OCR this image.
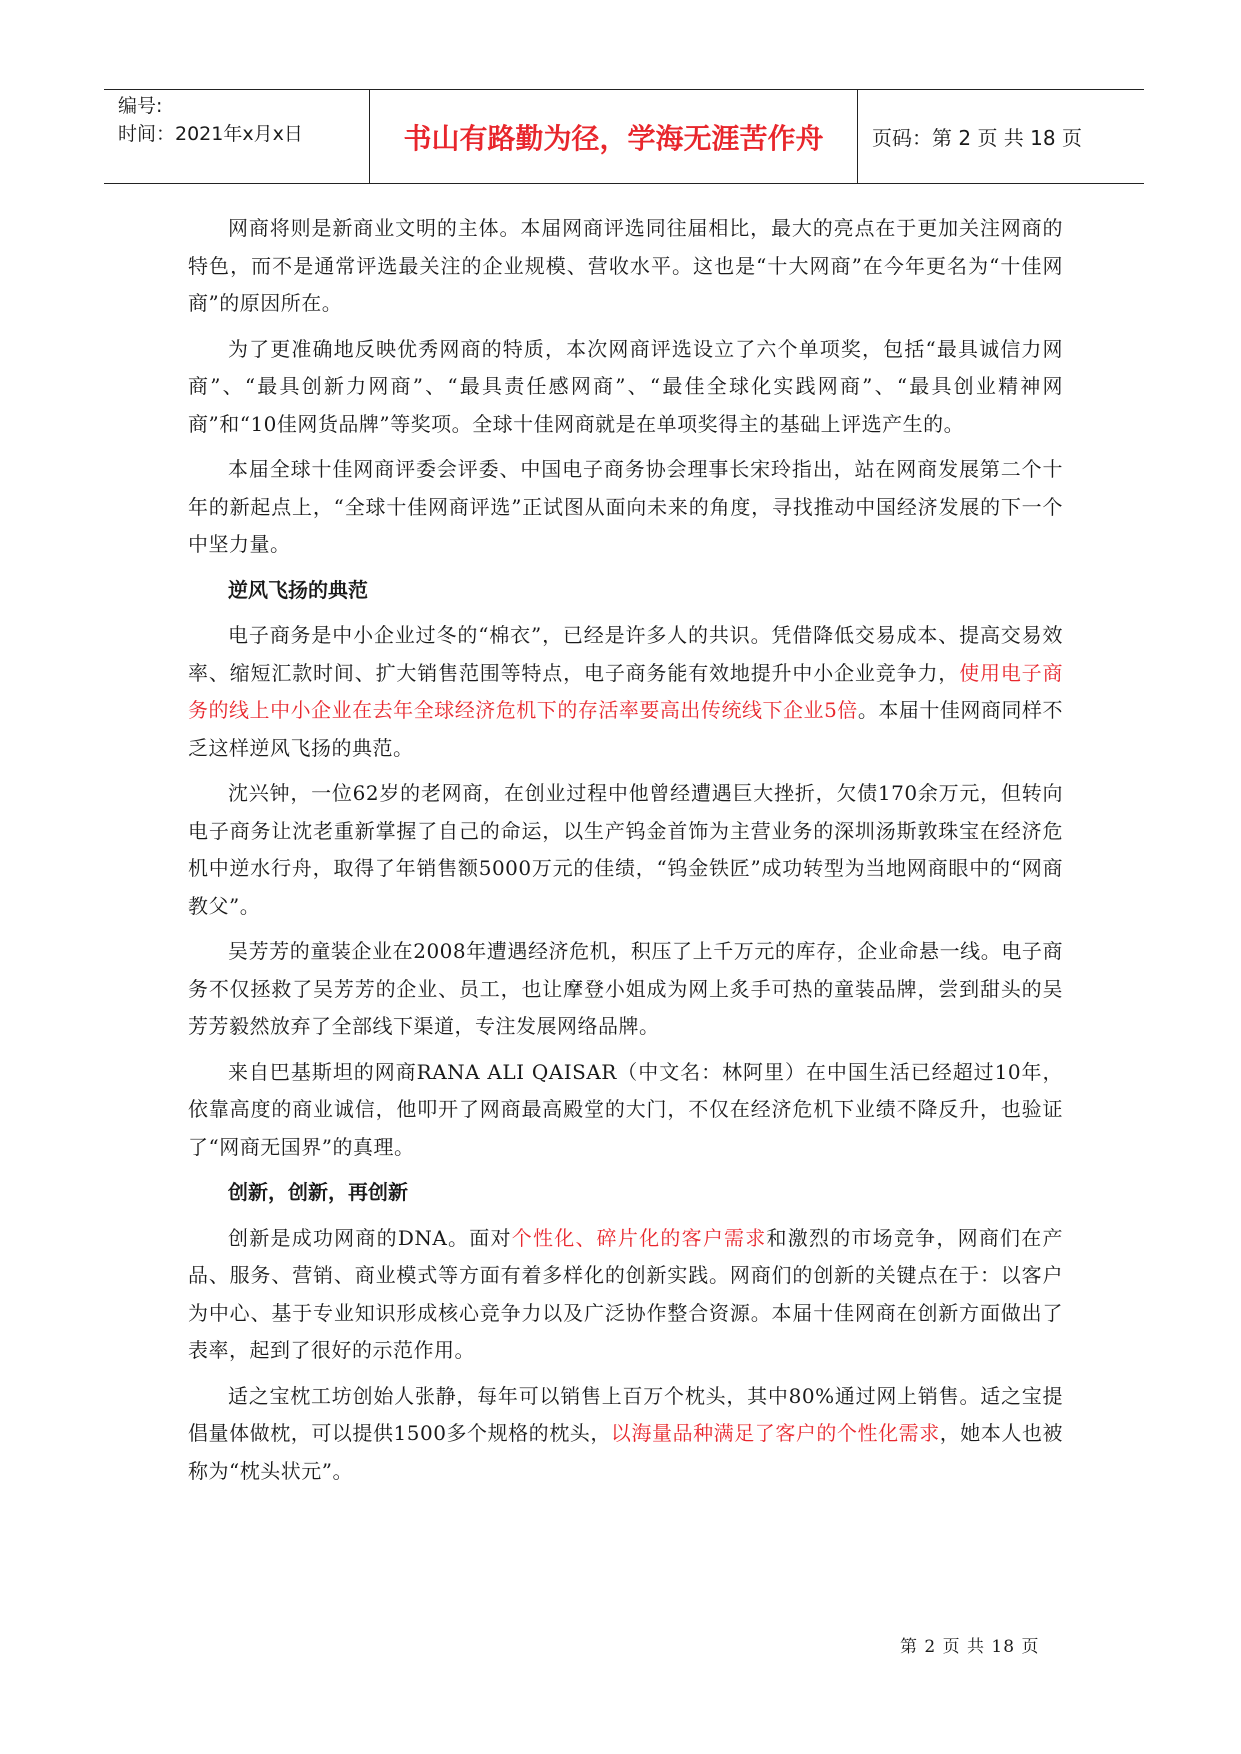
编号:
时间：2021年x月x日	书山有路勤为径，学海无涯苦作舟 页码：第 2 页 共 18 页

网商将则是新商业文明的主体。本届网商评选同往届相比，最大的亮点在于更加关注网商的特色，而不是通常评选最关注的企业规模、营收水平。这也是“十大网商”在今年更名为“十佳网商”的原因所在。

为了更准确地反映优秀网商的特质，本次网商评选设立了六个单项奖，包括“最具诚信力网商”、“最具创新力网商”、“最具责任感网商”、“最佳全球化实践网商”、“最具创业精神网商”和“10佳网货品牌”等奖项。全球十佳网商就是在单项奖得主的基础上评选产生的。

本届全球十佳网商评委会评委、中国电子商务协会理事长宋玲指出，站在网商发展第二个十年的新起点上，“全球十佳网商评选”正试图从面向未来的角度，寻找推动中国经济发展的下一个中坚力量。

逆风飞扬的典范

电子商务是中小企业过冬的“棉衣”，已经是许多人的共识。凭借降低交易成本、提高交易效率、缩短汇款时间、扩大销售范围等特点，电子商务能有效地提升中小企业竞争力，使用电子商务的线上中小企业在去年全球经济危机下的存活率要高出传统线下企业5倍。本届十佳网商同样不乏这样逆风飞扬的典范。

沈兴钟，一位62岁的老网商，在创业过程中他曾经遭遇巨大挫折，欠债170余万元，但转向电子商务让沈老重新掌握了自己的命运，以生产钨金首饰为主营业务的深圳汤斯敦珠宝在经济危机中逆水行舟，取得了年销售额5000万元的佳绩，“钨金铁匠”成功转型为当地网商眼中的“网商教父”。

吴芳芳的童装企业在2008年遭遇经济危机，积压了上千万元的库存，企业命悬一线。电子商务不仅拯救了吴芳芳的企业、员工，也让摩登小姐成为网上炙手可热的童装品牌，尝到甜头的吴芳芳毅然放弃了全部线下渠道，专注发展网络品牌。

来自巴基斯坦的网商RANA ALI QAISAR（中文名：林阿里）在中国生活已经超过10年，依靠高度的商业诚信，他叩开了网商最高殿堂的大门，不仅在经济危机下业绩不降反升，也验证了“网商无国界”的真理。

创新，创新，再创新

创新是成功网商的DNA。面对个性化、碎片化的客户需求和激烈的市场竞争，网商们在产品、服务、营销、商业模式等方面有着多样化的创新实践。网商们的创新的关键点在于：以客户为中心、基于专业知识形成核心竞争力以及广泛协作整合资源。本届十佳网商在创新方面做出了表率，起到了很好的示范作用。

适之宝枕工坊创始人张静，每年可以销售上百万个枕头，其中80%通过网上销售。适之宝提倡量体做枕，可以提供1500多个规格的枕头，以海量品种满足了客户的个性化需求，她本人也被称为“枕头状元”。

第 2 页 共 18 页
